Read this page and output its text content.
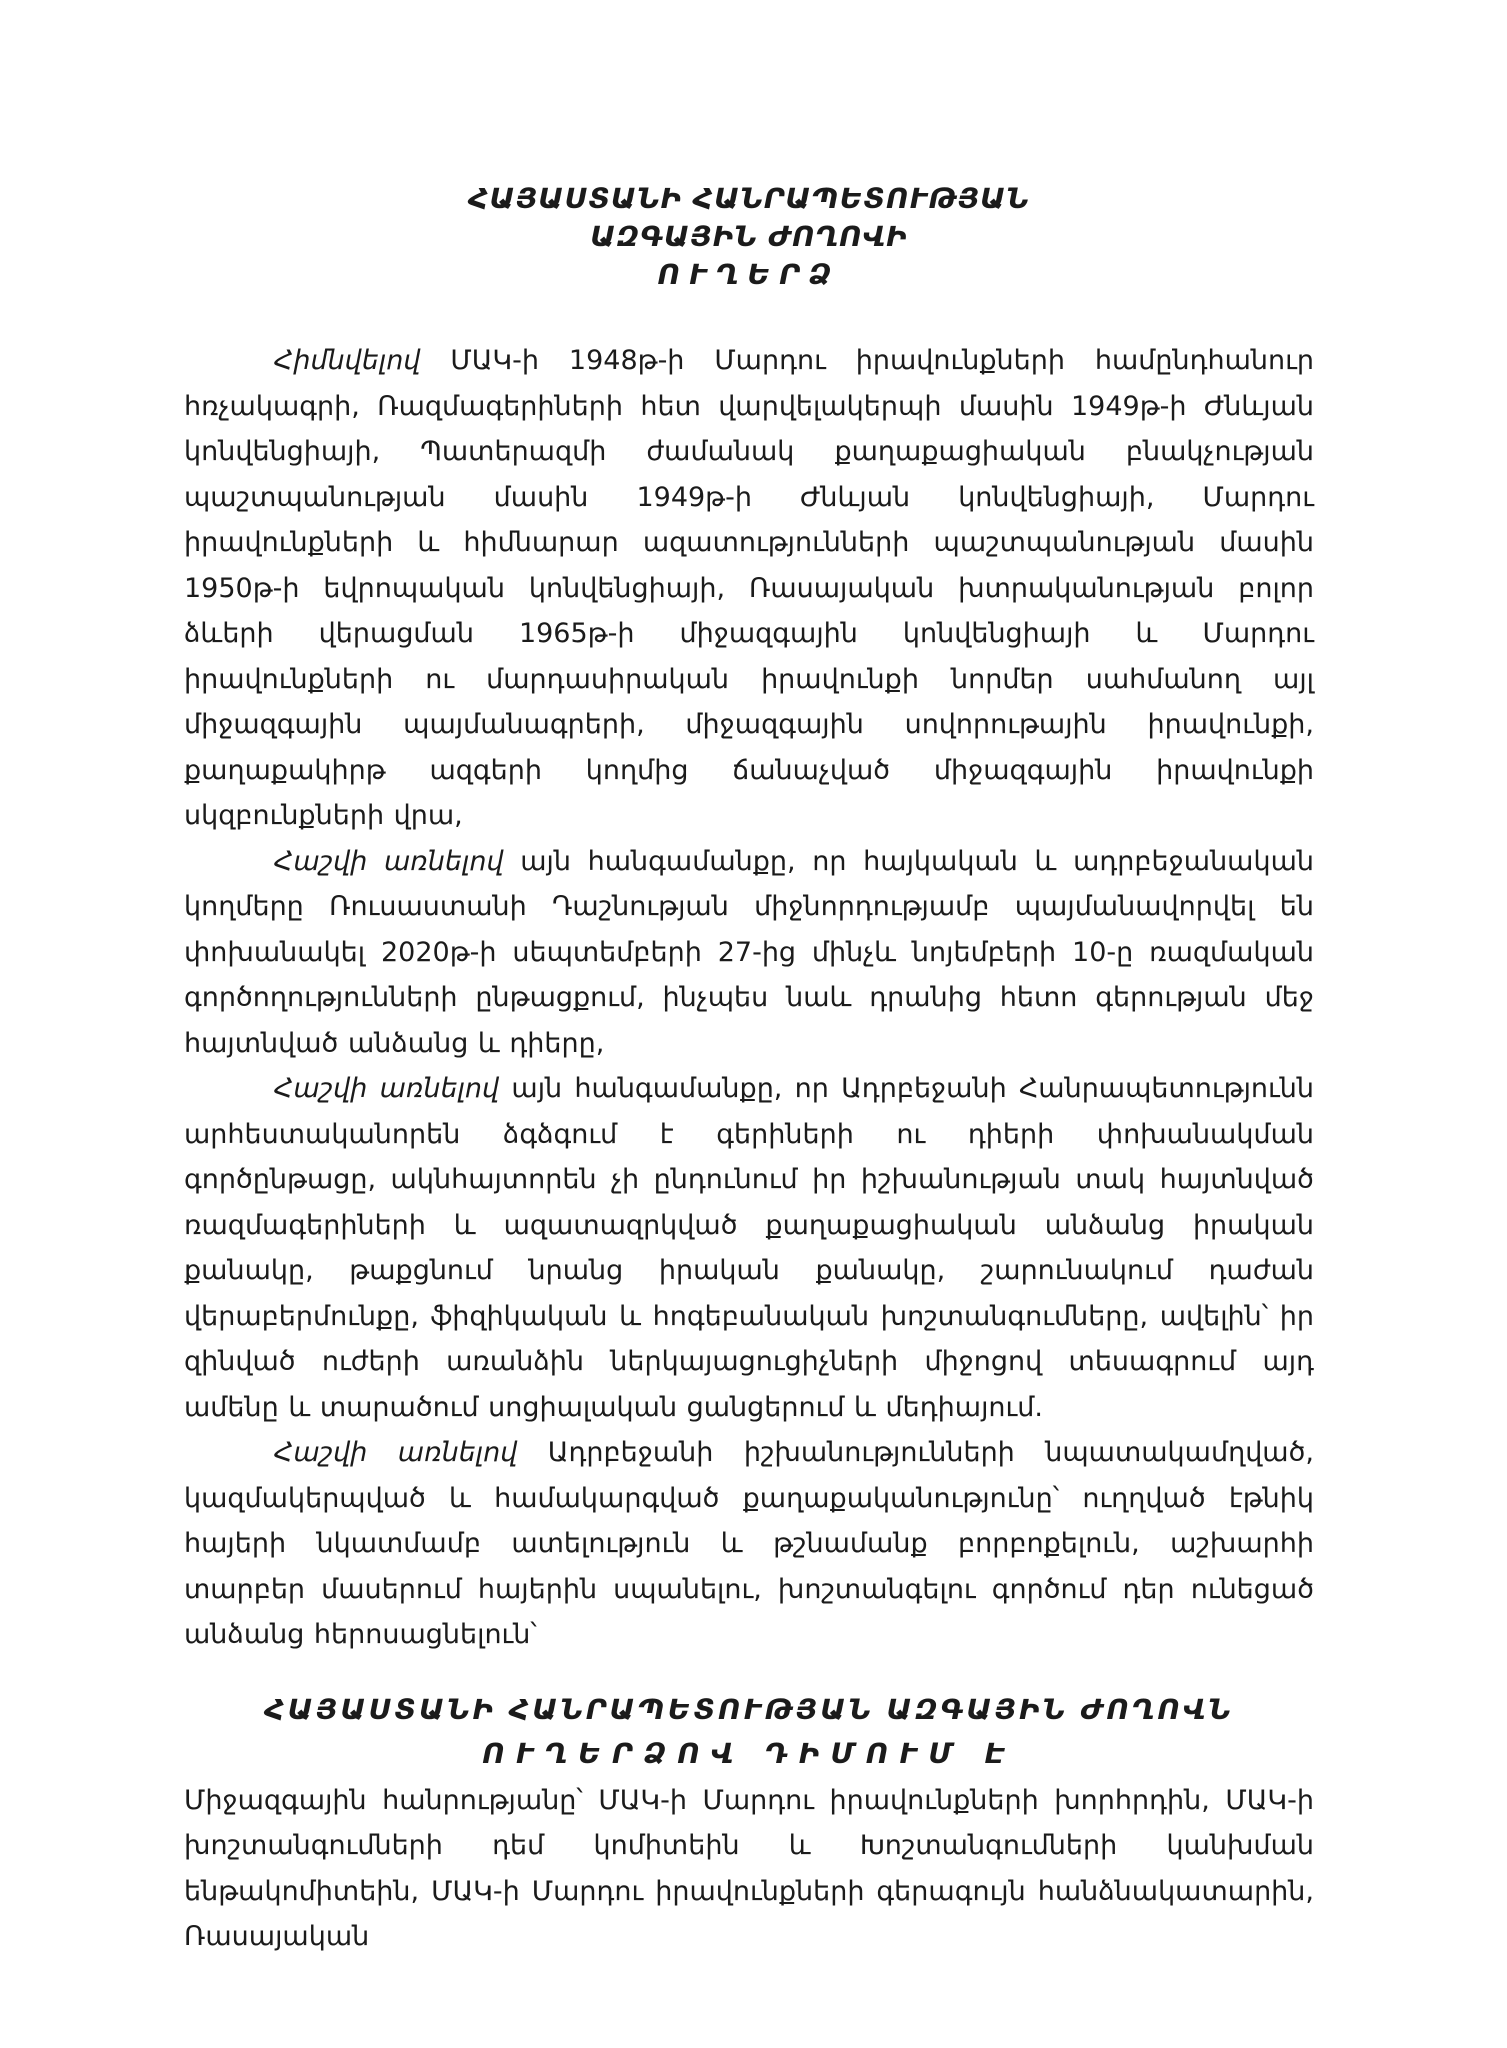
ՀԱՅԱՍՏԱՆԻ ՀԱՆՐԱՊԵՏՈՒԹՅԱՆ
ԱԶԳԱՅԻՆ ԺՈՂՈՎԻ
ՈՒՂԵՐՁ

Հիմնվելով ՄԱԿ-ի 1948թ-ի Մարդու իրավունքների համընդհանուր հռչակագրի, Ռազմագերիների հետ վարվելակերպի մասին 1949թ-ի Ժնևյան կոնվենցիայի, Պատերազմի ժամանակ քաղաքացիական բնակչության պաշտպանության մասին 1949թ-ի Ժնևյան կոնվենցիայի, Մարդու իրավունքների և հիմնարար ազատությունների պաշտպանության մասին 1950թ-ի եվրոպական կոնվենցիայի, Ռասայական խտրականության բոլոր ձևերի վերացման 1965թ-ի միջազգային կոնվենցիայի և Մարդու իրավունքների ու մարդասիրական իրավունքի նորմեր սահմանող այլ միջազգային պայմանագրերի, միջազգային սովորութային իրավունքի, քաղաքակիրթ ազգերի կողմից ճանաչված միջազգային իրավունքի սկզբունքների վրա,

Հաշվի առնելով այն հանգամանքը, որ հայկական և ադրբեջանական կողմերը Ռուսաստանի Դաշնության միջնորդությամբ պայմանավորվել են փոխանակել 2020թ-ի սեպտեմբերի 27-ից մինչև նոյեմբերի 10-ը ռազմական գործողությունների ընթացքում, ինչպես նաև դրանից հետո գերության մեջ հայտնված անձանց և դիերը,

Հաշվի առնելով այն հանգամանքը, որ Ադրբեջանի Հանրապետությունն արհեստականորեն ձգձգում է գերիների ու դիերի փոխանակման գործընթացը, ակնհայտորեն չի ընդունում իր իշխանության տակ հայտնված ռազմագերիների և ազատազրկված քաղաքացիական անձանց իրական քանակը, թաքցնում նրանց իրական քանակը, շարունակում դաժան վերաբերմունքը, ֆիզիկական և հոգեբանական խոշտանգումները, ավելին՝ իր զինված ուժերի առանձին ներկայացուցիչների միջոցով տեսագրում այդ ամենը և տարածում սոցիալական ցանցերում և մեդիայում.

Հաշվի առնելով Ադրբեջանի իշխանությունների նպատակամղված, կազմակերպված և համակարգված քաղաքականությունը՝ ուղղված էթնիկ հայերի նկատմամբ ատելություն և թշնամանք բորբոքելուն, աշխարհի տարբեր մասերում հայերին սպանելու, խոշտանգելու գործում դեր ունեցած անձանց հերոսացնելուն՝

ՀԱՅԱՍՏԱՆԻ ՀԱՆՐԱՊԵՏՈՒԹՅԱՆ ԱԶԳԱՅԻՆ ԺՈՂՈՎՆ
ՈՒՂԵՐՁՈՎ ԴԻՄՈՒՄ Է

Միջազգային հանրությանը՝ ՄԱԿ-ի Մարդու իրավունքների խորհրդին, ՄԱԿ-ի խոշտանգումների դեմ կոմիտեին և Խոշտանգումների կանխման ենթակոմիտեին, ՄԱԿ-ի Մարդու իրավունքների գերագույն հանձնակատարին, Ռասայական
